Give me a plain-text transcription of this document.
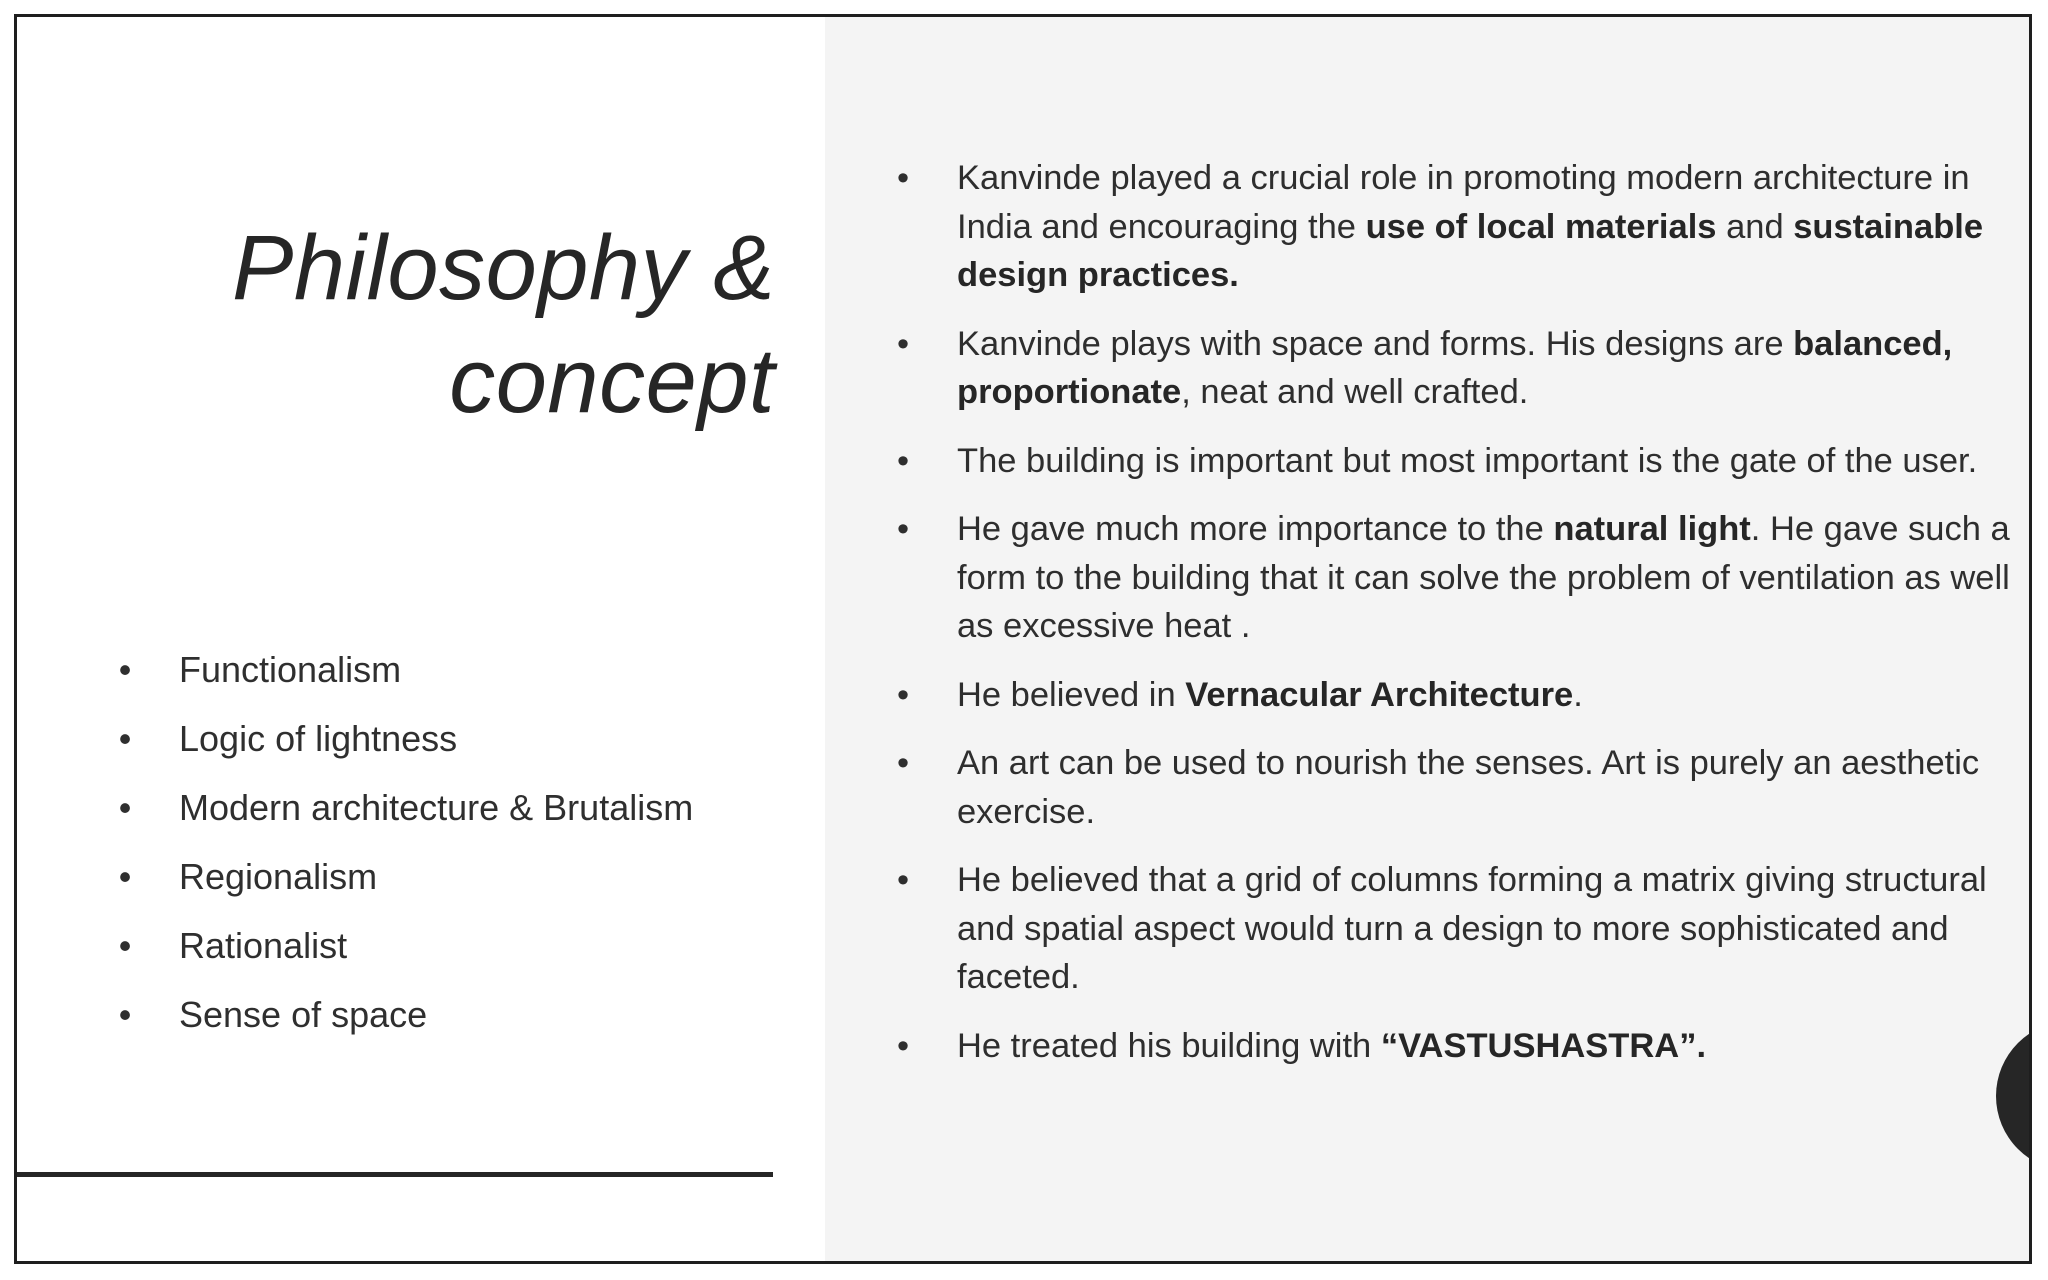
Philosophy &
concept
•	Functionalism
•	Logic of lightness
•	Modern architecture & Brutalism
•	Regionalism
•	Rationalist
•	Sense of space
•	Kanvinde played a crucial role in promoting modern architecture in India and encouraging the use of local materials and sustainable design practices.
•	Kanvinde plays with space and forms. His designs are balanced, proportionate, neat and well crafted.
•	The building is important but most important is the gate of the user.
•	He gave much more importance to the natural light. He gave such a form to the building that it can solve the problem of ventilation as well as excessive heat .
•	He believed in Vernacular Architecture.
•	An art can be used to nourish the senses. Art is purely an aesthetic exercise.
•	He believed that a grid of columns forming a matrix giving structural and spatial aspect would turn a design to more sophisticated and faceted.
•	He treated his building with “VASTUSHASTRA”.
